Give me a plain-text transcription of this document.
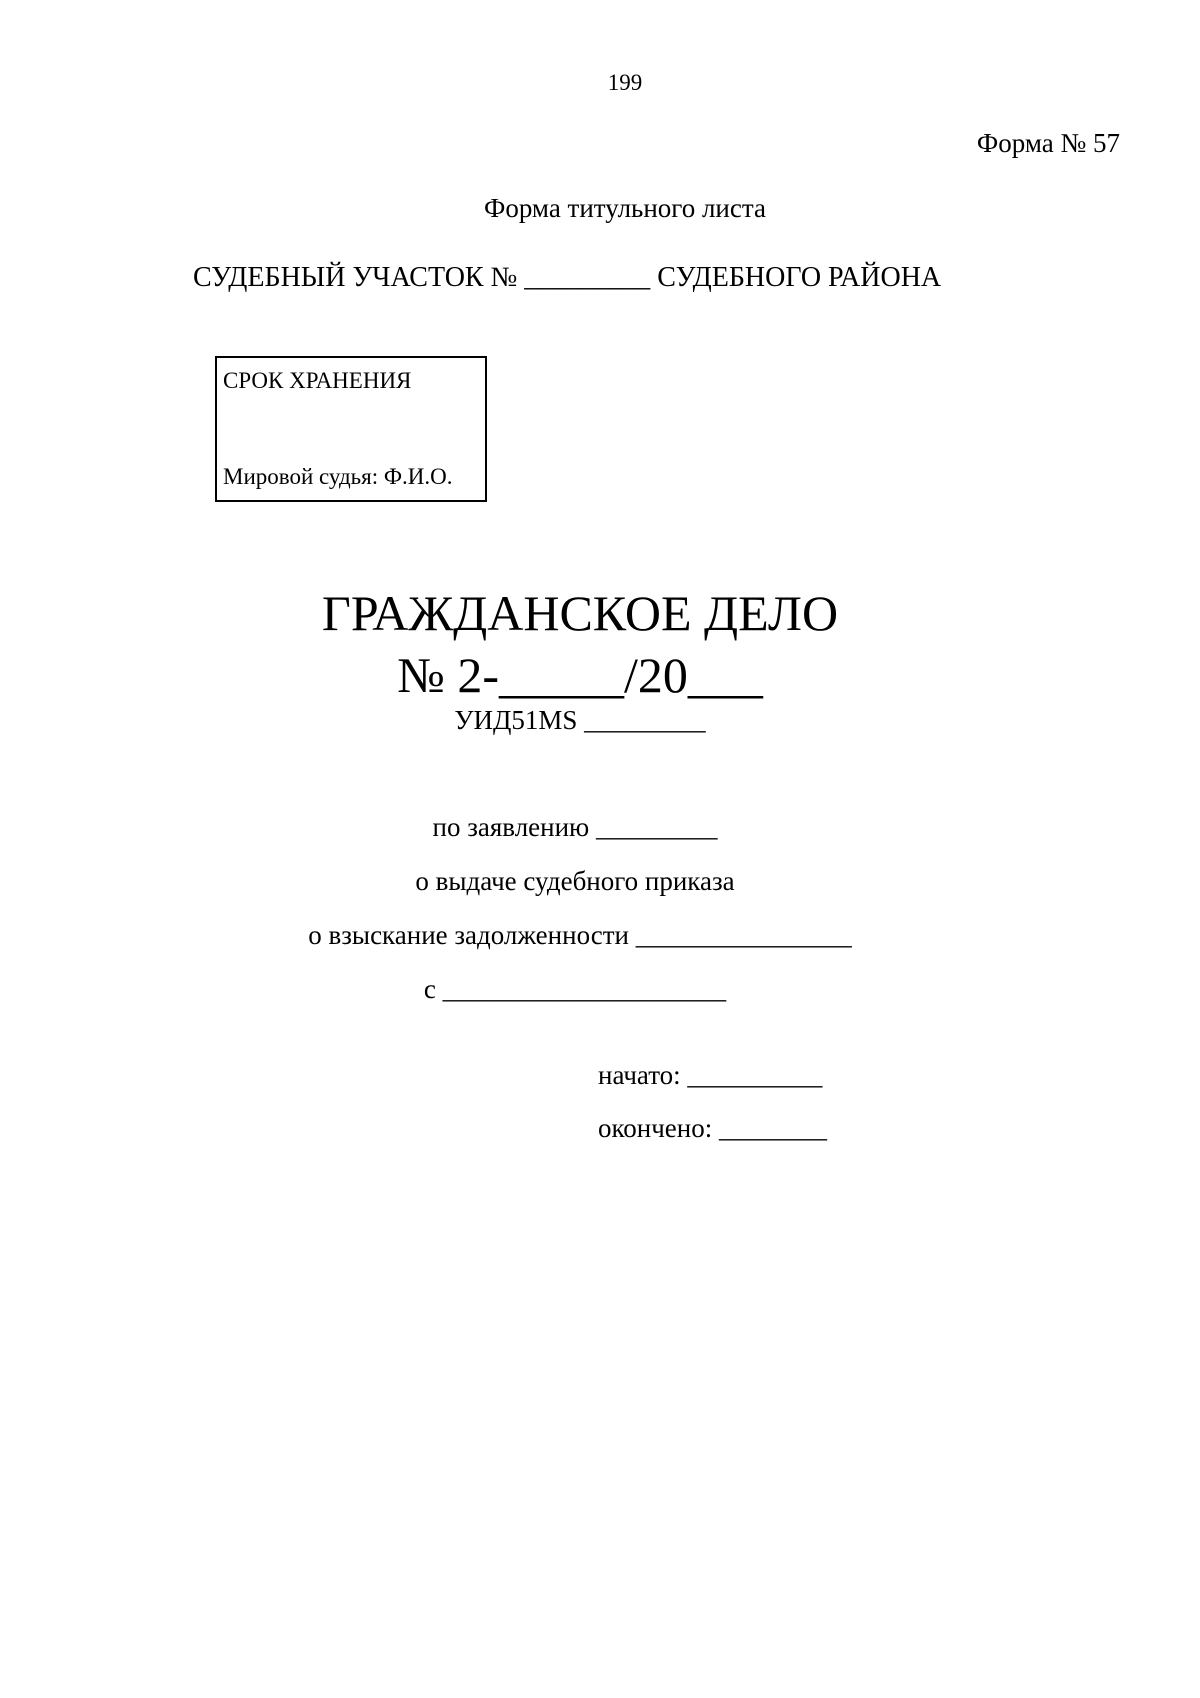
199
Форма № 57
Форма титульного листа
СУДЕБНЫЙ УЧАСТОК № _________ СУДЕБНОГО РАЙОНА
СРОК ХРАНЕНИЯ
Мировой судья: Ф.И.О.
ГРАЖДАНСКОЕ ДЕЛО
№ 2-_____/20___
УИД51MS _________
по заявлению _________
о выдаче судебного приказа
о взыскание задолженности ________________
с _____________________
начато: __________
окончено: ________
